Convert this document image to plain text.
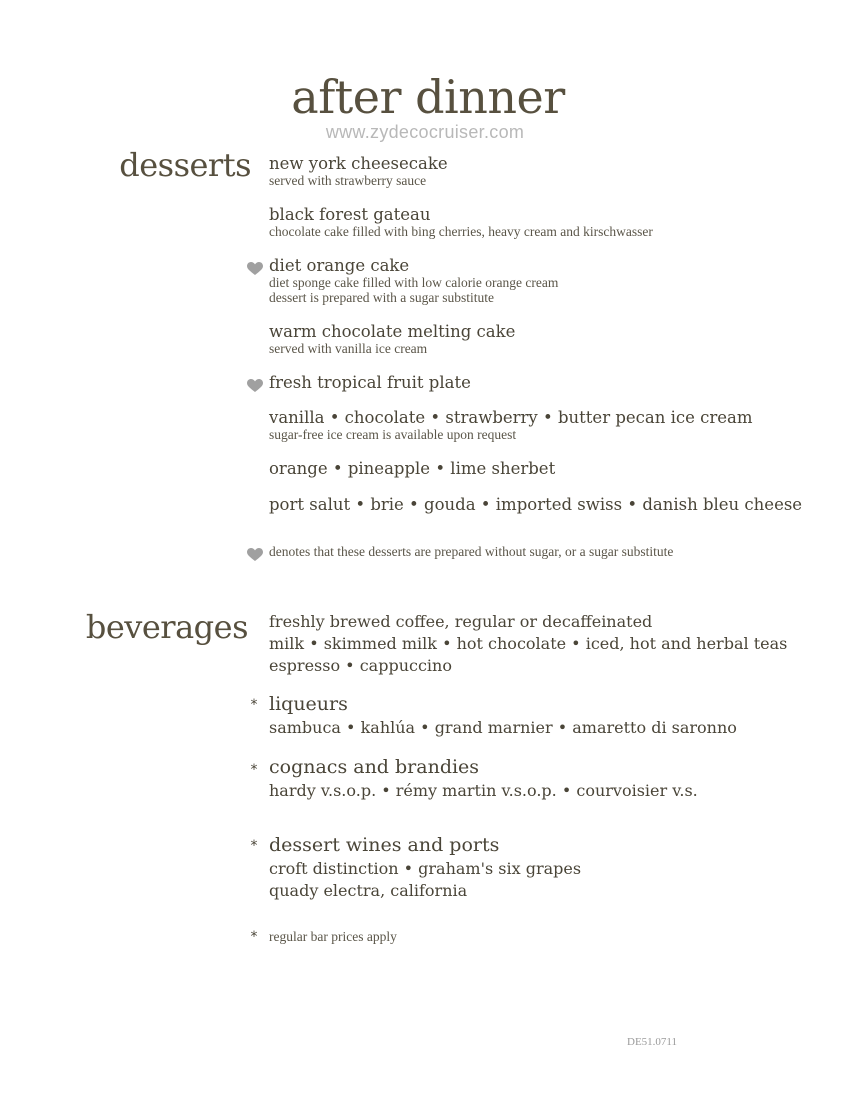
after dinner
www.zydecocruiser.com
desserts new york cheesecake
served with strawberry sauce
black forest gateau
chocolate cake filled with bing cherries, heavy cream and kirschwasser
diet orange cake
diet sponge cake filled with low calorie orange cream
dessert is prepared with a sugar substitute
warm chocolate melting cake
served with vanilla ice cream
fresh tropical fruit plate
vanilla • chocolate • strawberry • butter pecan ice cream
sugar-free ice cream is available upon request
orange • pineapple • lime sherbet
port salut • brie • gouda • imported swiss • danish bleu cheese
denotes that these desserts are prepared without sugar, or a sugar substitute
beverages freshly brewed coffee, regular or decaffeinated
milk • skimmed milk • hot chocolate • iced, hot and herbal teas
espresso • cappuccino
* liqueurs
sambuca • kahlúa • grand marnier • amaretto di saronno
* cognacs and brandies
hardy v.s.o.p. • rémy martin v.s.o.p. • courvoisier v.s.
* dessert wines and ports
croft distinction • graham's six grapes
quady electra, california
* regular bar prices apply
DE51.0711
